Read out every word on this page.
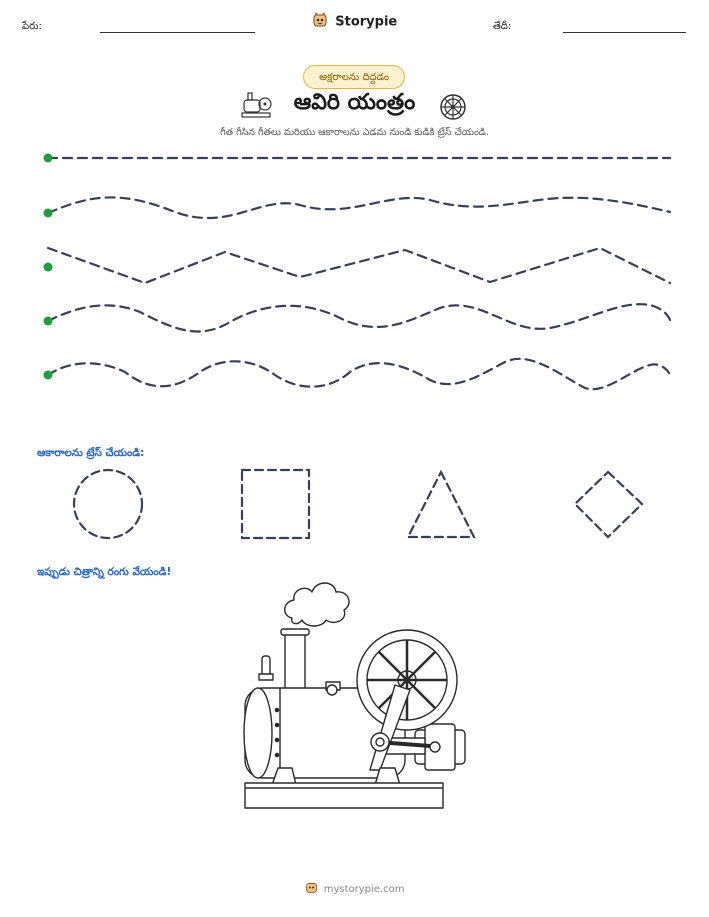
పేరు:	Storypie	తేదీ:
అక్షరాలను దిద్దడం
ఆవిరి యంత్రం
గీత గీసిన గీతలు మరియు ఆకారాలను ఎడమ నుండి కుడికి ట్రేస్ చేయండి.
ఆకారాలను ట్రేస్ చేయండి:
ఇప్పుడు చిత్రాన్ని రంగు వేయండి!
mystorypie.com
